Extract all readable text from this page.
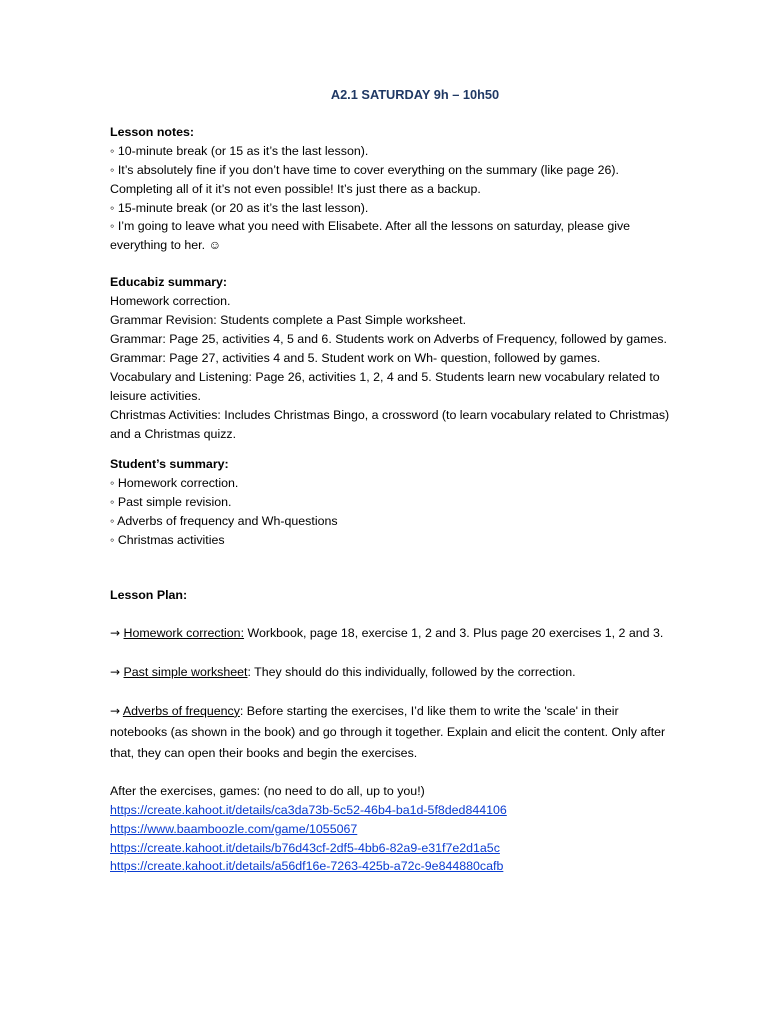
A2.1 SATURDAY 9h – 10h50
Lesson notes:

◦ 10-minute break (or 15 as it’s the last lesson).

◦ It’s absolutely fine if you don’t have time to cover everything on the summary (like page 26). Completing all of it it’s not even possible! It’s just there as a backup.

◦ 15-minute break (or 20 as it’s the last lesson).

◦ I’m going to leave what you need with Elisabete. After all the lessons on saturday, please give everything to her. ☺

Educabiz summary:

Homework correction.

Grammar Revision: Students complete a Past Simple worksheet.

Grammar: Page 25, activities 4, 5 and 6. Students work on Adverbs of Frequency, followed by games.

Grammar: Page 27, activities 4 and 5. Student work on Wh- question, followed by games.

Vocabulary and Listening: Page 26, activities 1, 2, 4 and 5. Students learn new vocabulary related to leisure activities.

Christmas Activities: Includes Christmas Bingo, a crossword (to learn vocabulary related to Christmas) and a Christmas quizz.

Student’s summary:

◦ Homework correction.

◦ Past simple revision.

◦ Adverbs of frequency and Wh-questions

◦ Christmas activities

Lesson Plan:

→ Homework correction: Workbook, page 18, exercise 1, 2 and 3. Plus page 20 exercises 1, 2 and 3.

→ Past simple worksheet: They should do this individually, followed by the correction.

→ Adverbs of frequency: Before starting the exercises, I’d like them to write the 'scale' in their notebooks (as shown in the book) and go through it together. Explain and elicit the content. Only after that, they can open their books and begin the exercises.

After the exercises, games: (no need to do all, up to you!)

https://create.kahoot.it/details/ca3da73b-5c52-46b4-ba1d-5f8ded844106
https://www.baamboozle.com/game/1055067
https://create.kahoot.it/details/b76d43cf-2df5-4bb6-82a9-e31f7e2d1a5c
https://create.kahoot.it/details/a56df16e-7263-425b-a72c-9e844880cafb
